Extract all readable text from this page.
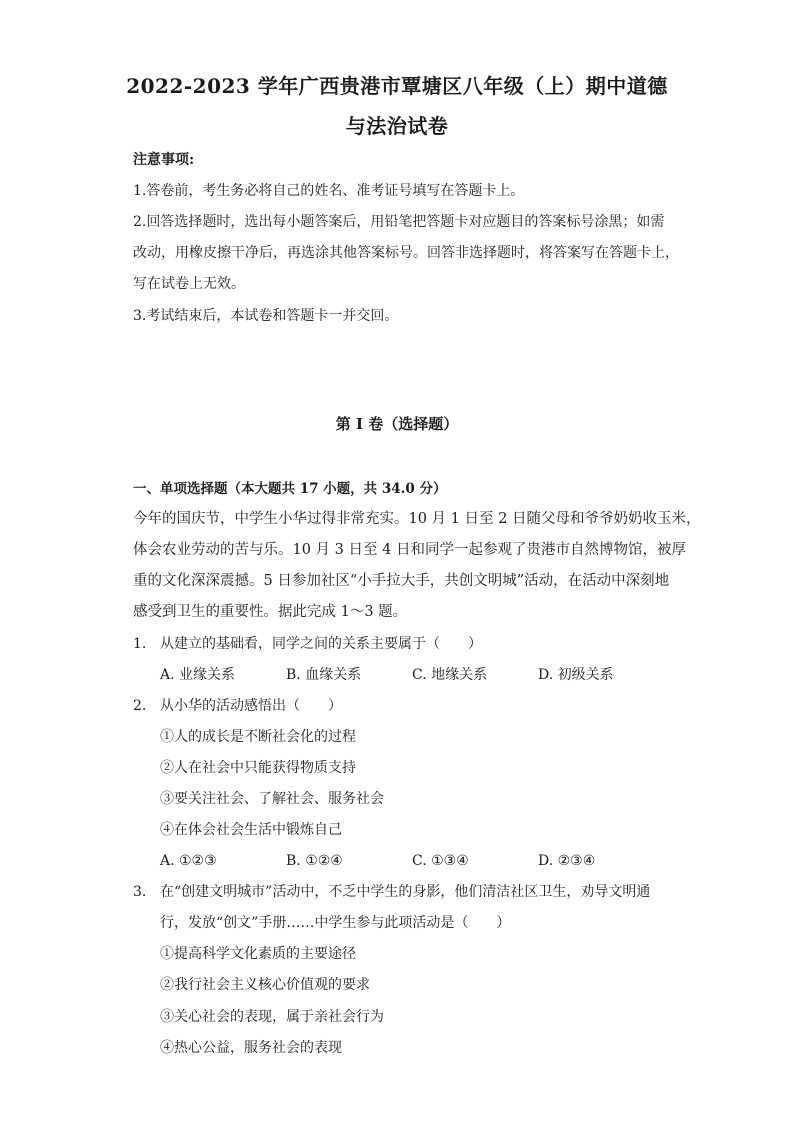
2022-2023 学年广西贵港市覃塘区八年级（上）期中道德
与法治试卷
注意事项:
1.答卷前，考生务必将自己的姓名、准考证号填写在答题卡上。
2.回答选择题时，选出每小题答案后，用铅笔把答题卡对应题目的答案标号涂黑；如需
改动，用橡皮擦干净后，再选涂其他答案标号。回答非选择题时，将答案写在答题卡上，
写在试卷上无效。
3.考试结束后，本试卷和答题卡一并交回。
第 I 卷（选择题）
一、单项选择题（本大题共 17 小题，共 34.0 分）
今年的国庆节，中学生小华过得非常充实。10 月 1 日至 2 日随父母和爷爷奶奶收玉米，
体会农业劳动的苦与乐。10 月 3 日至 4 日和同学一起参观了贵港市自然博物馆，被厚
重的文化深深震撼。5 日参加社区“小手拉大手，共创文明城”活动，在活动中深刻地
感受到卫生的重要性。据此完成 1～3 题。
1. 从建立的基础看，同学之间的关系主要属于（　　）
A. 业缘关系	B. 血缘关系	C. 地缘关系	D. 初级关系
2. 从小华的活动感悟出（　　）
①人的成长是不断社会化的过程
②人在社会中只能获得物质支持
③要关注社会、了解社会、服务社会
④在体会社会生活中锻炼自己
A. ①②③	B. ①②④	C. ①③④	D. ②③④
3. 在“创建文明城市”活动中，不乏中学生的身影，他们清洁社区卫生，劝导文明通
行，发放“创文”手册……中学生参与此项活动是（　　）
①提高科学文化素质的主要途径
②我行社会主义核心价值观的要求
③关心社会的表现，属于亲社会行为
④热心公益，服务社会的表现
